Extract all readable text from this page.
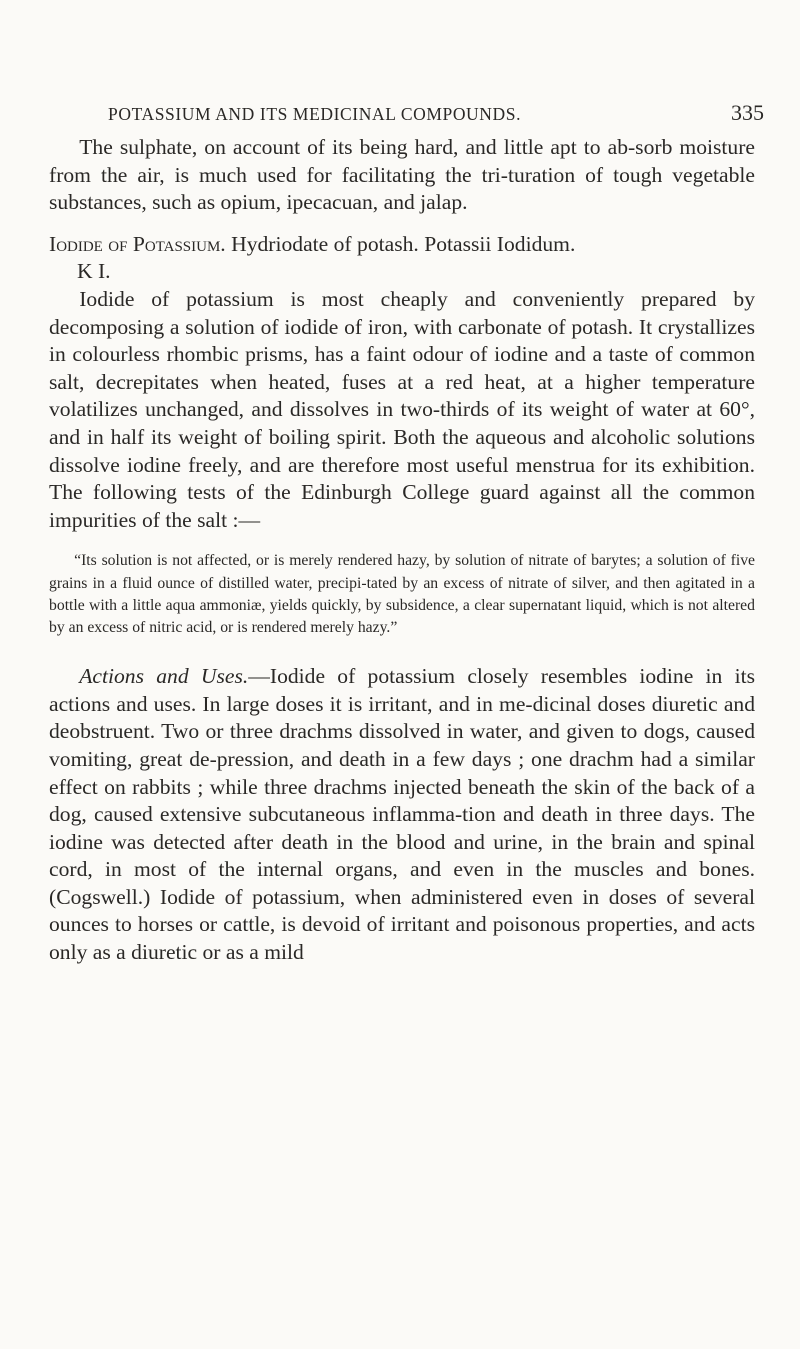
POTASSIUM AND ITS MEDICINAL COMPOUNDS.	335

The sulphate, on account of its being hard, and little apt to ab-sorb moisture from the air, is much used for facilitating the tri-turation of tough vegetable substances, such as opium, ipecacuan, and jalap.

Iodide of Potassium. Hydriodate of potash. Potassii Iodidum.
K I.

Iodide of potassium is most cheaply and conveniently prepared by decomposing a solution of iodide of iron, with carbonate of potash. It crystallizes in colourless rhombic prisms, has a faint odour of iodine and a taste of common salt, decrepitates when heated, fuses at a red heat, at a higher temperature volatilizes unchanged, and dissolves in two-thirds of its weight of water at 60°, and in half its weight of boiling spirit. Both the aqueous and alcoholic solutions dissolve iodine freely, and are therefore most useful menstrua for its exhibition. The following tests of the Edinburgh College guard against all the common impurities of the salt :—

“Its solution is not affected, or is merely rendered hazy, by solution of nitrate of barytes; a solution of five grains in a fluid ounce of distilled water, precipi-tated by an excess of nitrate of silver, and then agitated in a bottle with a little aqua ammoniæ, yields quickly, by subsidence, a clear supernatant liquid, which is not altered by an excess of nitric acid, or is rendered merely hazy.”

Actions and Uses.—Iodide of potassium closely resembles iodine in its actions and uses. In large doses it is irritant, and in me-dicinal doses diuretic and deobstruent. Two or three drachms dissolved in water, and given to dogs, caused vomiting, great de-pression, and death in a few days ; one drachm had a similar effect on rabbits ; while three drachms injected beneath the skin of the back of a dog, caused extensive subcutaneous inflamma-tion and death in three days. The iodine was detected after death in the blood and urine, in the brain and spinal cord, in most of the internal organs, and even in the muscles and bones. (Cogswell.) Iodide of potassium, when administered even in doses of several ounces to horses or cattle, is devoid of irritant and poisonous properties, and acts only as a diuretic or as a mild
